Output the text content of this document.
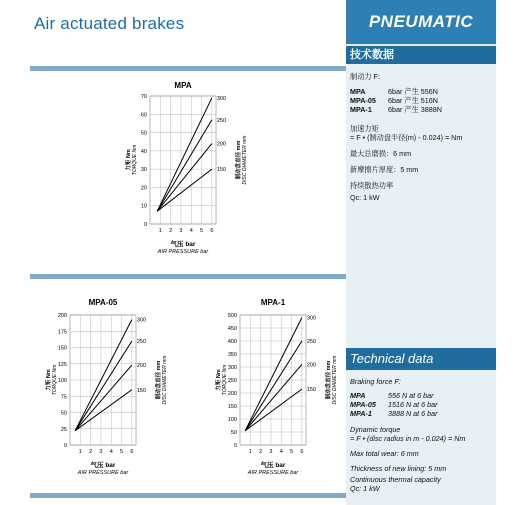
Air actuated brakes	PNEUMATIC
技术数据
制动力 F:
MPA	6bar 产生 556N
MPA-05	6bar 产生 516N
MPA-1	6bar 产生 3888N
加速力矩
= F • (制动盘半径(m) - 0.024) = Nm
最大总磨损：6 mm
新摩擦片厚度：5 mm
持续散热功率
Qc: 1 kW
Technical data
Braking force F:
MPA	556 N at 6 bar
MPA-05	1516 N at 6 bar
MPA-1	3888 N at 6 bar
Dynamic torque
= F • (disc radius in m - 0.024) = Nm
Max total wear: 6 mm
Thickness of new lining: 5 mm
Continuous thermal capacity
Qc: 1 kW
MPA
0
10
20
30
40
50
60
70
1 2 3 4 5 6
300
250
200
150
力矩 Nm TORQUE Nm	制动盘直径 mm DISC DIAMETER mm
气压 bar
AIR PRESSURE bar
MPA-05
0
25
50
75
100
125
150
175
200
1 2 3 4 5 6
300
250
200
150
力矩 Nm TORQUE Nm	制动盘直径 mm DISC DIAMETER mm
气压 bar
AIR PRESSURE bar
MPA-1
0
50
100
150
200
250
300
350
400
450
500
1 2 3 4 5 6
300
250
200
150
力矩 Nm TORQUE Nm	制动盘直径 mm DISC DIAMETER mm
气压 bar
AIR PRESSURE bar
